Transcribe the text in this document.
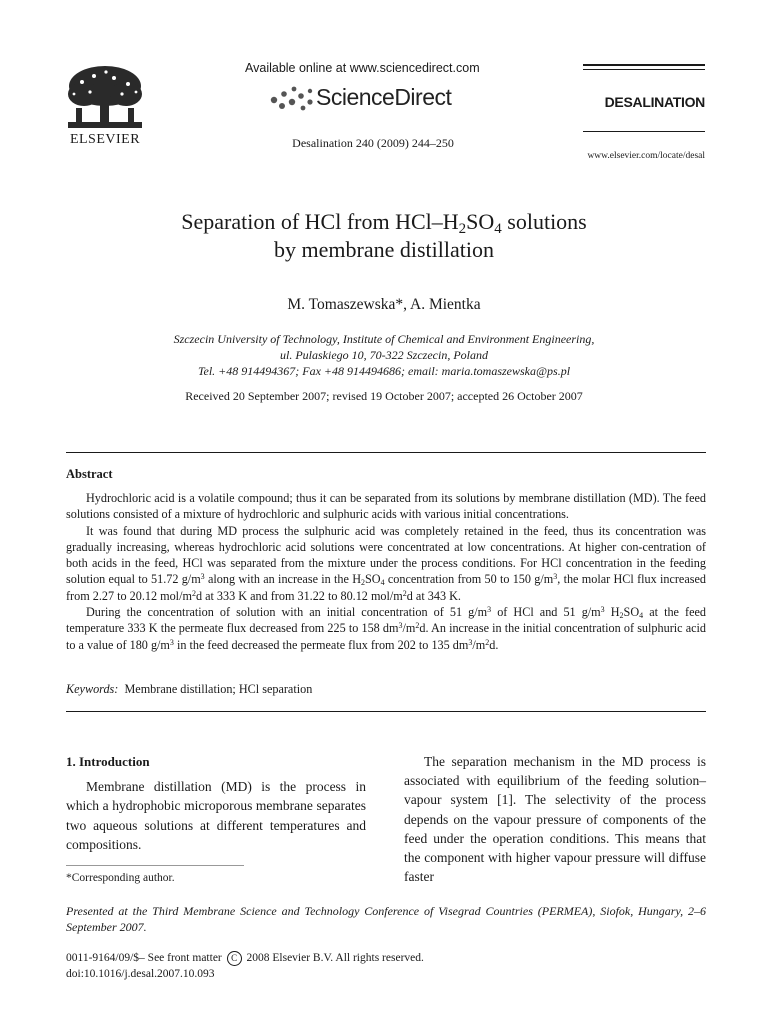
ELSEVIER
Available online at www.sciencedirect.com
ScienceDirect
Desalination 240 (2009) 244–250
DESALINATION
www.elsevier.com/locate/desal
Separation of HCl from HCl–$H_2SO_4$ solutions
by membrane distillation
M. Tomaszewska*, A. Mientka
Szczecin University of Technology, Institute of Chemical and Environment Engineering,
ul. Pulaskiego 10, 70-322 Szczecin, Poland
Tel. +48 914494367; Fax +48 914494686; email: maria.tomaszewska@ps.pl
Received 20 September 2007; revised 19 October 2007; accepted 26 October 2007
Abstract

Hydrochloric acid is a volatile compound; thus it can be separated from its solutions by membrane distillation (MD). The feed solutions consisted of a mixture of hydrochloric and sulphuric acids with various initial concentrations.

It was found that during MD process the sulphuric acid was completely retained in the feed, thus its concentration was gradually increasing, whereas hydrochloric acid solutions were concentrated at low concentrations. At higher con-centration of both acids in the feed, HCl was separated from the mixture under the process conditions. For HCl concentration in the feeding solution equal to 51.72 $g/m^3$ along with an increase in the $H_2SO_4$ concentration from 50 to 150 $g/m^3$, the molar HCl flux increased from 2.27 to 20.12 mol/$m^2d$ at 333 K and from 31.22 to 80.12 mol/$m^2d$ at 343 K.

During the concentration of solution with an initial concentration of 51 $g/m^3$ of HCl and 51 $g/m^3$ $H_2SO_4$ at the feed temperature 333 K the permeate flux decreased from 225 to 158 $dm^3/m^2d$. An increase in the initial concentration of sulphuric acid to a value of 180 $g/m^3$ in the feed decreased the permeate flux from 202 to 135 $dm^3/m^2d$.

Keywords: Membrane distillation; HCl separation
1. Introduction

Membrane distillation (MD) is the process in which a hydrophobic microporous membrane separates two aqueous solutions at different temperatures and compositions.

The separation mechanism in the MD process is associated with equilibrium of the feeding solution–vapour system [1]. The selectivity of the process depends on the vapour pressure of components of the feed under the operation conditions. This means that the component with higher vapour pressure will diffuse faster

*Corresponding author.
Presented at the Third Membrane Science and Technology Conference of Visegrad Countries (PERMEA), Siofok, Hungary, 2–6 September 2007.
0011-9164/09/$– See front matter C 2008 Elsevier B.V. All rights reserved.
doi:10.1016/j.desal.2007.10.093
